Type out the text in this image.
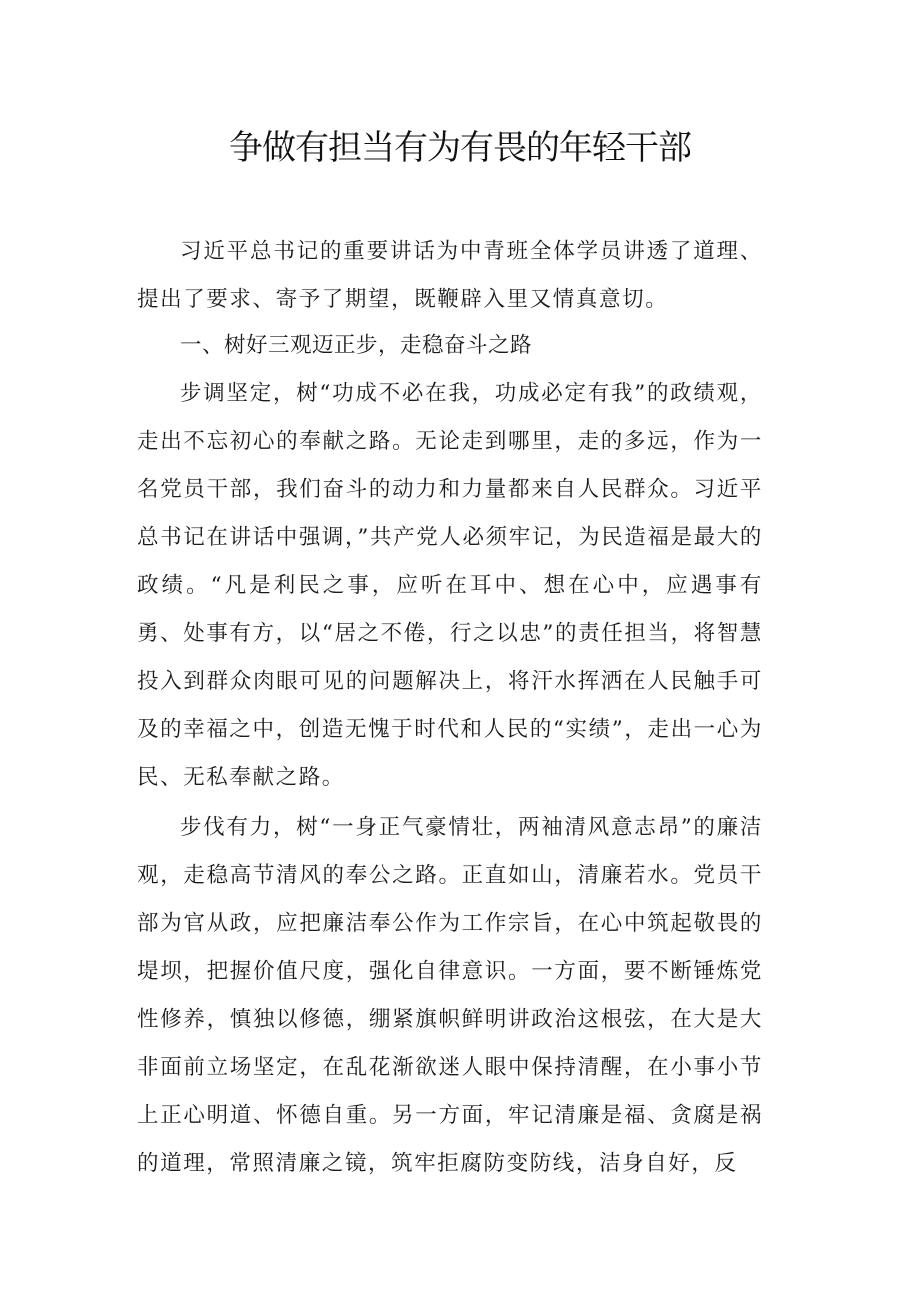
争做有担当有为有畏的年轻干部

习近平总书记的重要讲话为中青班全体学员讲透了道理、提出了要求、寄予了期望，既鞭辟入里又情真意切。

一、树好三观迈正步，走稳奋斗之路

步调坚定，树“功成不必在我，功成必定有我”的政绩观，走出不忘初心的奉献之路。无论走到哪里，走的多远，作为一名党员干部，我们奋斗的动力和力量都来自人民群众。习近平总书记在讲话中强调，”共产党人必须牢记，为民造福是最大的政绩。“凡是利民之事，应听在耳中、想在心中，应遇事有勇、处事有方，以“居之不倦，行之以忠”的责任担当，将智慧投入到群众肉眼可见的问题解决上，将汗水挥洒在人民触手可及的幸福之中，创造无愧于时代和人民的“实绩”，走出一心为民、无私奉献之路。

步伐有力，树“一身正气豪情壮，两袖清风意志昂”的廉洁观，走稳高节清风的奉公之路。正直如山，清廉若水。党员干部为官从政，应把廉洁奉公作为工作宗旨，在心中筑起敬畏的堤坝，把握价值尺度，强化自律意识。一方面，要不断锤炼党性修养，慎独以修德，绷紧旗帜鲜明讲政治这根弦，在大是大非面前立场坚定，在乱花渐欲迷人眼中保持清醒，在小事小节上正心明道、怀德自重。另一方面，牢记清廉是福、贪腐是祸的道理，常照清廉之镜，筑牢拒腐防变防线，洁身自好，反
